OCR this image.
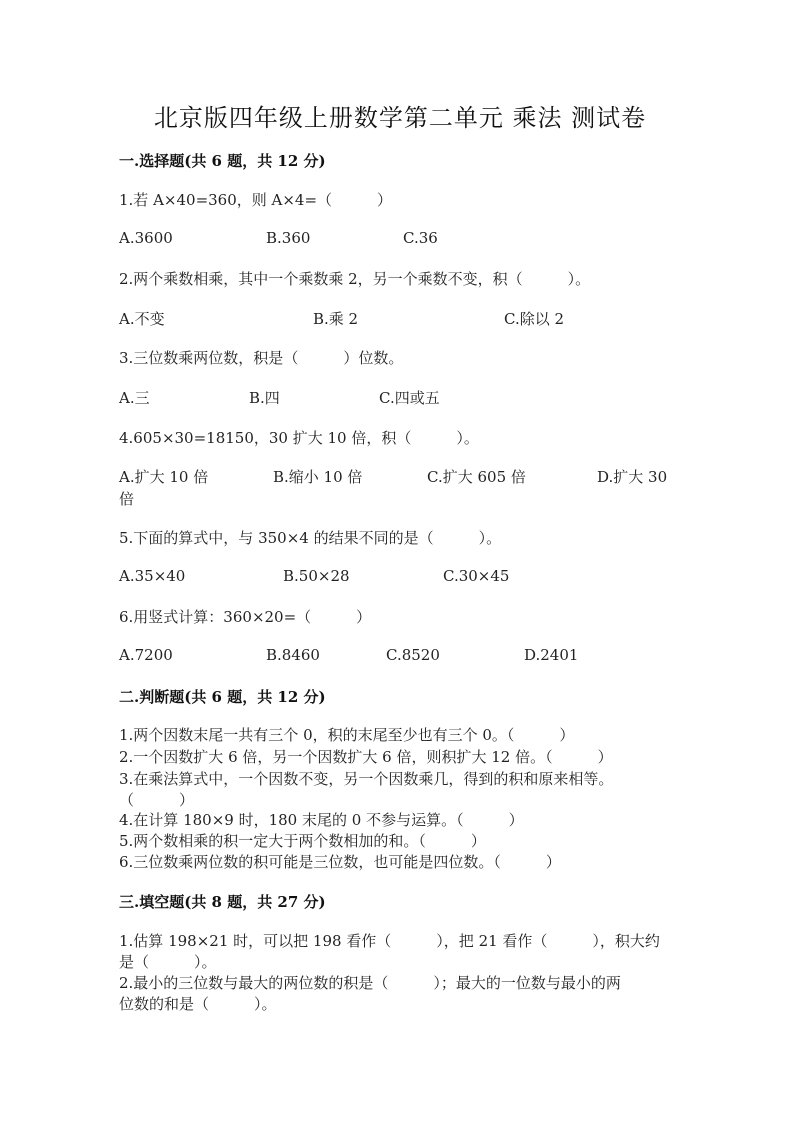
北京版四年级上册数学第二单元 乘法 测试卷
一.选择题(共 6 题，共 12 分)
1.若 A×40=360，则 A×4=（　　　）
A.3600	B.360	C.36
2.两个乘数相乘，其中一个乘数乘 2，另一个乘数不变，积（　　　）。
A.不变	B.乘 2	C.除以 2
3.三位数乘两位数，积是（　　　）位数。
A.三	B.四	C.四或五
4.605×30=18150，30 扩大 10 倍，积（　　　）。
A.扩大 10 倍	B.缩小 10 倍	C.扩大 605 倍	D.扩大 30
倍
5.下面的算式中，与 350×4 的结果不同的是（　　　）。
A.35×40	B.50×28	C.30×45
6.用竖式计算：360×20=（　　　）
A.7200	B.8460	C.8520	D.2401
二.判断题(共 6 题，共 12 分)
1.两个因数末尾一共有三个 0，积的末尾至少也有三个 0。（　　　）
2.一个因数扩大 6 倍，另一个因数扩大 6 倍，则积扩大 12 倍。（　　　）
3.在乘法算式中，一个因数不变，另一个因数乘几，得到的积和原来相等。
（　　　）
4.在计算 180×9 时，180 末尾的 0 不参与运算。（　　　）
5.两个数相乘的积一定大于两个数相加的和。（　　　）
6.三位数乘两位数的积可能是三位数，也可能是四位数。（　　　）
三.填空题(共 8 题，共 27 分)
1.估算 198×21 时，可以把 198 看作（　　　），把 21 看作（　　　），积大约
是（　　　）。
2.最小的三位数与最大的两位数的积是（　　　）；最大的一位数与最小的两
位数的和是（　　　）。
